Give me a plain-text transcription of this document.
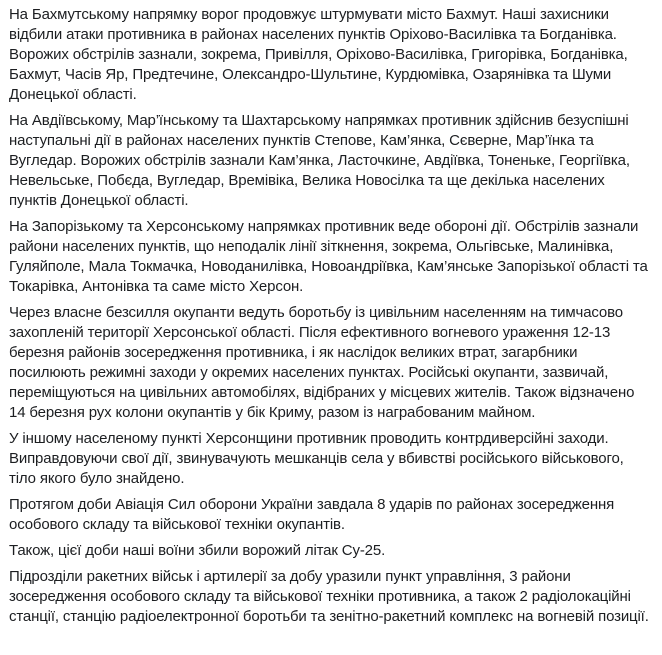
На Бахмутському напрямку ворог продовжує штурмувати місто Бахмут. Наші захисники відбили атаки противника в районах населених пунктів Оріхово-Василівка та Богданівка. Ворожих обстрілів зазнали, зокрема, Привілля, Оріхово-Василівка, Григорівка, Богданівка, Бахмут, Часів Яр, Предтечине, Олександро-Шультине, Курдюмівка, Озарянівка та Шуми Донецької області.

На Авдіївському, Мар’їнському та Шахтарському напрямках противник здійснив безуспішні наступальні дії в районах населених пунктів Степове, Кам’янка, Сєверне, Мар’їнка та Вугледар. Ворожих обстрілів зазнали Кам’янка, Ласточкине, Авдіївка, Тоненьке, Георгіївка, Невельське, Побєда, Вугледар, Времівіка, Велика Новосілка та ще декілька населених пунктів Донецької області.

На Запорізькому та Херсонському напрямках противник веде обороні дії. Обстрілів зазнали райони населених пунктів, що неподалік лінії зіткнення, зокрема, Ольгівське, Малинівка, Гуляйполе, Мала Токмачка, Новоданилівка, Новоандріївка, Кам’янське Запорізької області та Токарівка, Антонівка та саме місто Херсон.

Через власне безсилля окупанти ведуть боротьбу із цивільним населенням на тимчасово захопленій території Херсонської області. Після ефективного вогневого ураження 12-13 березня районів зосередження противника, і як наслідок великих втрат, загарбники посилюють режимні заходи у окремих населених пунктах. Російські окупанти, зазвичай, переміщуються на цивільних автомобілях, відібраних у місцевих жителів. Також відзначено 14 березня рух колони окупантів у бік Криму, разом із награбованим майном.

У іншому населеному пункті Херсонщини противник проводить контрдиверсійні заходи. Виправдовуючи свої дії, звинувачують мешканців села у вбивстві російського військового, тіло якого було знайдено.

Протягом доби Авіація Сил оборони України завдала 8 ударів по районах зосередження особового складу та військової техніки окупантів.

Також, цієї доби наші воїни збили ворожий літак Су-25.

Підрозділи ракетних військ і артилерії за добу уразили пункт управління, 3 райони зосередження особового складу та військової техніки противника, а також 2 радіолокаційні станції, станцію радіоелектронної боротьби та зенітно-ракетний комплекс на вогневій позиції.
